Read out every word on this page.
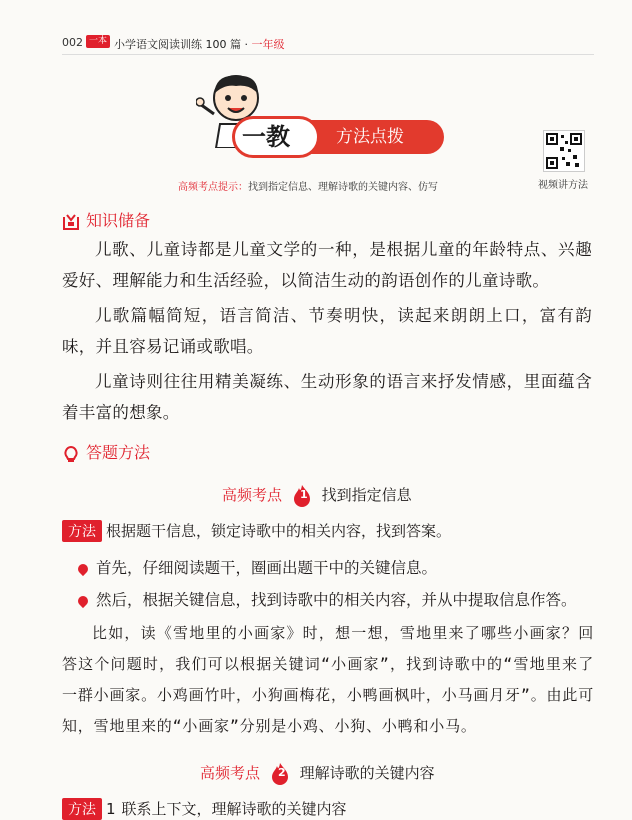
002 一本 小学语文阅读训练 100 篇 · 一年级
一教	方法点拨
视频讲方法
高频考点提示：找到指定信息、理解诗歌的关键内容、仿写
知识储备

儿歌、儿童诗都是儿童文学的一种，是根据儿童的年龄特点、兴趣爱好、理解能力和生活经验，以简洁生动的韵语创作的儿童诗歌。

儿歌篇幅简短，语言简洁、节奏明快，读起来朗朗上口，富有韵味，并且容易记诵或歌唱。

儿童诗则往往用精美凝练、生动形象的语言来抒发情感，里面蕴含着丰富的想象。

答题方法
高频考点 1 找到指定信息
方法 根据题干信息，锁定诗歌中的相关内容，找到答案。
首先，仔细阅读题干，圈画出题干中的关键信息。
然后，根据关键信息，找到诗歌中的相关内容，并从中提取信息作答。

比如，读《雪地里的小画家》时，想一想，雪地里来了哪些小画家？回答这个问题时，我们可以根据关键词“小画家”，找到诗歌中的“雪地里来了一群小画家。小鸡画竹叶，小狗画梅花，小鸭画枫叶，小马画月牙”。由此可知，雪地里来的“小画家”分别是小鸡、小狗、小鸭和小马。

高频考点 2 理解诗歌的关键内容
方法 1 联系上下文，理解诗歌的关键内容
